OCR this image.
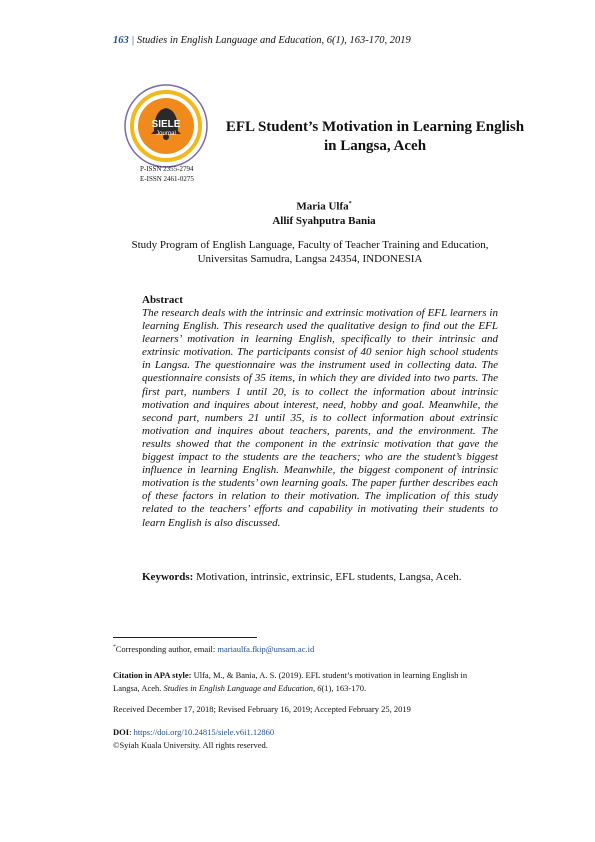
163 | Studies in English Language and Education, 6(1), 163-170, 2019
SIELE
Journal
P-ISSN 2355-2794
E-ISSN 2461-0275
EFL Student’s Motivation in Learning English in Langsa, Aceh
Maria Ulfa*
Allif Syahputra Bania
Study Program of English Language, Faculty of Teacher Training and Education, Universitas Samudra, Langsa 24354, INDONESIA
Abstract
The research deals with the intrinsic and extrinsic motivation of EFL learners in learning English. This research used the qualitative design to find out the EFL learners’ motivation in learning English, specifically to their intrinsic and extrinsic motivation. The participants consist of 40 senior high school students in Langsa. The questionnaire was the instrument used in collecting data. The questionnaire consists of 35 items, in which they are divided into two parts. The first part, numbers 1 until 20, is to collect the information about intrinsic motivation and inquires about interest, need, hobby and goal. Meanwhile, the second part, numbers 21 until 35, is to collect information about extrinsic motivation and inquires about teachers, parents, and the environment. The results showed that the component in the extrinsic motivation that gave the biggest impact to the students are the teachers; who are the student’s biggest influence in learning English. Meanwhile, the biggest component of intrinsic motivation is the students’ own learning goals. The paper further describes each of these factors in relation to their motivation. The implication of this study related to the teachers’ efforts and capability in motivating their students to learn English is also discussed.
Keywords: Motivation, intrinsic, extrinsic, EFL students, Langsa, Aceh.
*Corresponding author, email: mariaulfa.fkip@unsam.ac.id
Citation in APA style: Ulfa, M., & Bania, A. S. (2019). EFL student’s motivation in learning English in Langsa, Aceh. Studies in English Language and Education, 6(1), 163-170.
Received December 17, 2018; Revised February 16, 2019; Accepted February 25, 2019
DOI: https://doi.org/10.24815/siele.v6i1.12860
©Syiah Kuala University. All rights reserved.
